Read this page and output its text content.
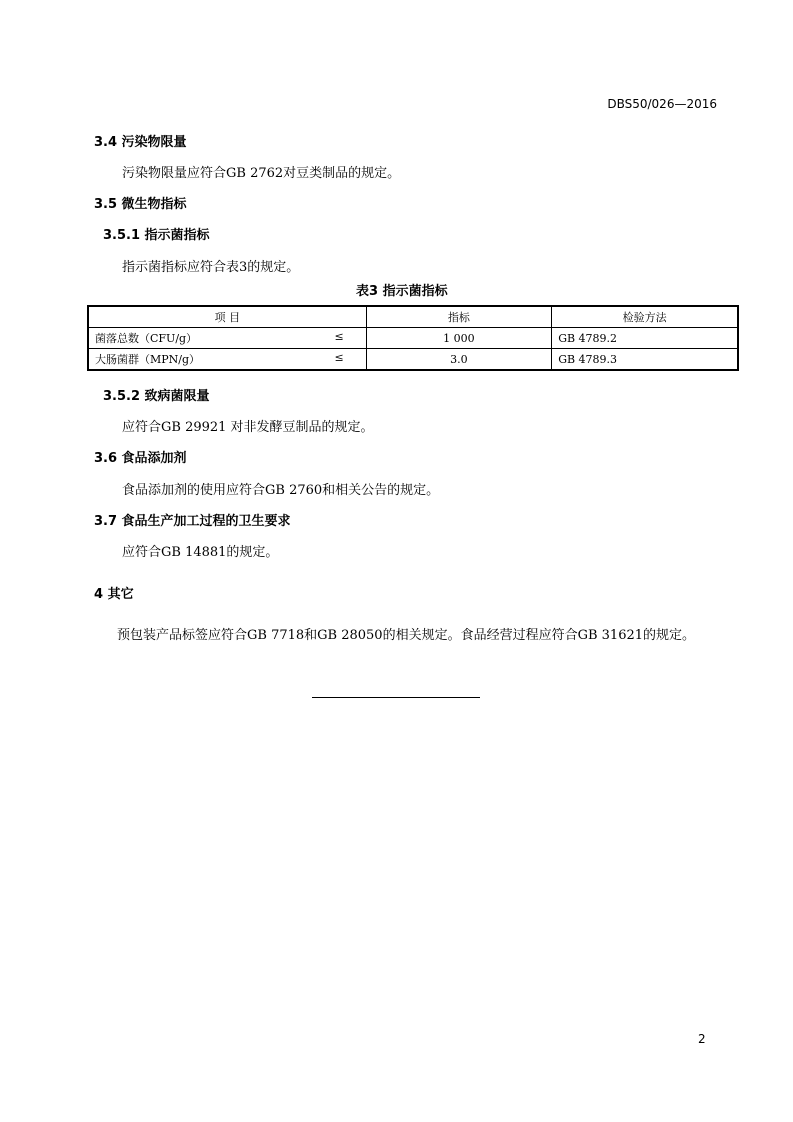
DBS50/026—2016
3.4 污染物限量
污染物限量应符合GB 2762对豆类制品的规定。
3.5 微生物指标
3.5.1 指示菌指标
指示菌指标应符合表3的规定。
表3 指示菌指标
项 目	指标	检验方法
菌落总数（CFU/g） ≤	1 000	GB 4789.2
大肠菌群（MPN/g） ≤	3.0	GB 4789.3
3.5.2 致病菌限量
应符合GB 29921 对非发酵豆制品的规定。
3.6 食品添加剂
食品添加剂的使用应符合GB 2760和相关公告的规定。
3.7 食品生产加工过程的卫生要求
应符合GB 14881的规定。
4 其它
预包装产品标签应符合GB 7718和GB 28050的相关规定。食品经营过程应符合GB 31621的规定。
2
